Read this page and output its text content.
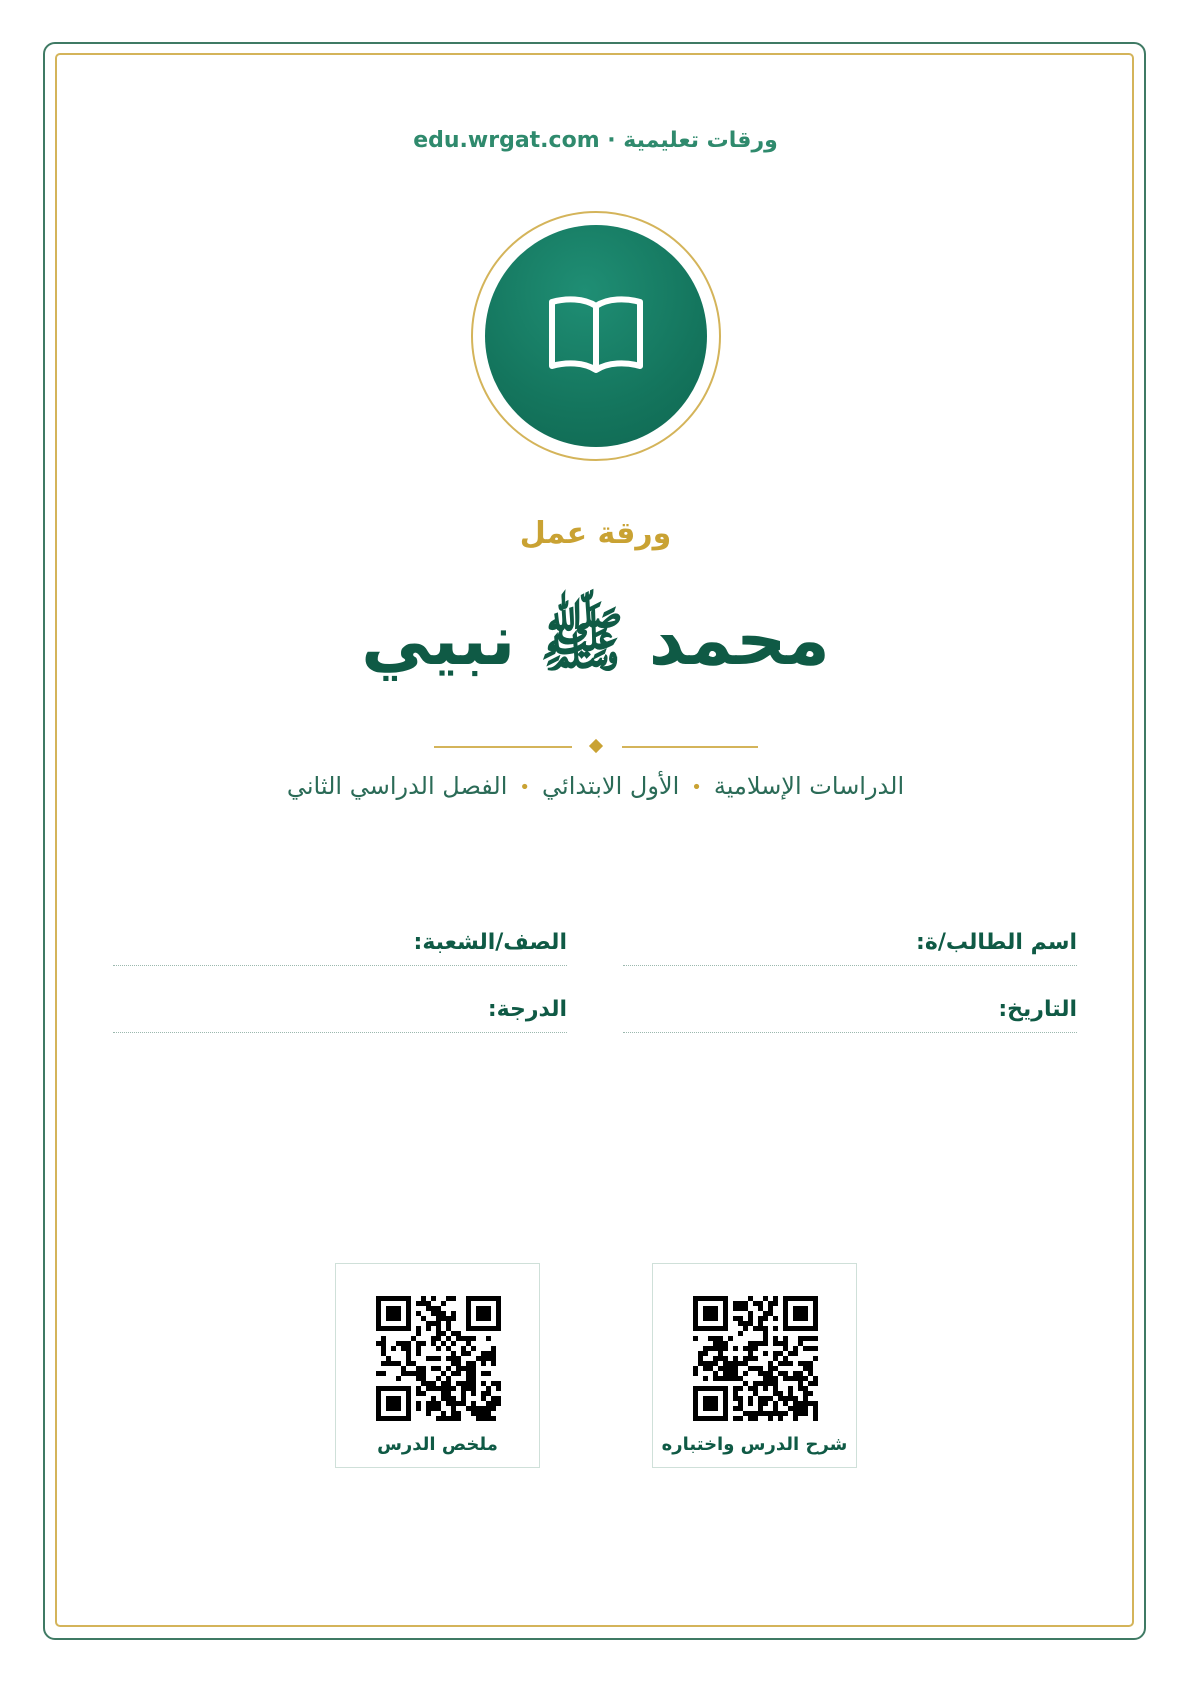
ورقات تعليمية · edu.wrgat.com
ورقة عمل
محمد ﷺ نبيي
الدراسات الإسلامية•الأول الابتدائي•الفصل الدراسي الثاني
اسم الطالب/ة:
الصف/الشعبة:
التاريخ:
الدرجة:
شرح الدرس واختباره
ملخص الدرس
